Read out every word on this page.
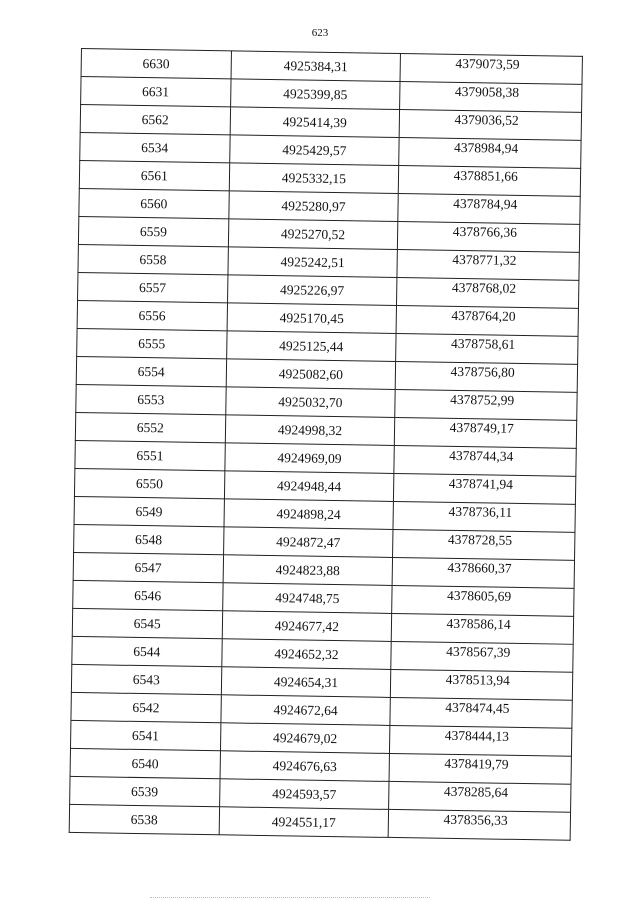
623
6630	4925384,31	4379073,59
6631	4925399,85	4379058,38
6562	4925414,39	4379036,52
6534	4925429,57	4378984,94
6561	4925332,15	4378851,66
6560	4925280,97	4378784,94
6559	4925270,52	4378766,36
6558	4925242,51	4378771,32
6557	4925226,97	4378768,02
6556	4925170,45	4378764,20
6555	4925125,44	4378758,61
6554	4925082,60	4378756,80
6553	4925032,70	4378752,99
6552	4924998,32	4378749,17
6551	4924969,09	4378744,34
6550	4924948,44	4378741,94
6549	4924898,24	4378736,11
6548	4924872,47	4378728,55
6547	4924823,88	4378660,37
6546	4924748,75	4378605,69
6545	4924677,42	4378586,14
6544	4924652,32	4378567,39
6543	4924654,31	4378513,94
6542	4924672,64	4378474,45
6541	4924679,02	4378444,13
6540	4924676,63	4378419,79
6539	4924593,57	4378285,64
6538	4924551,17	4378356,33
